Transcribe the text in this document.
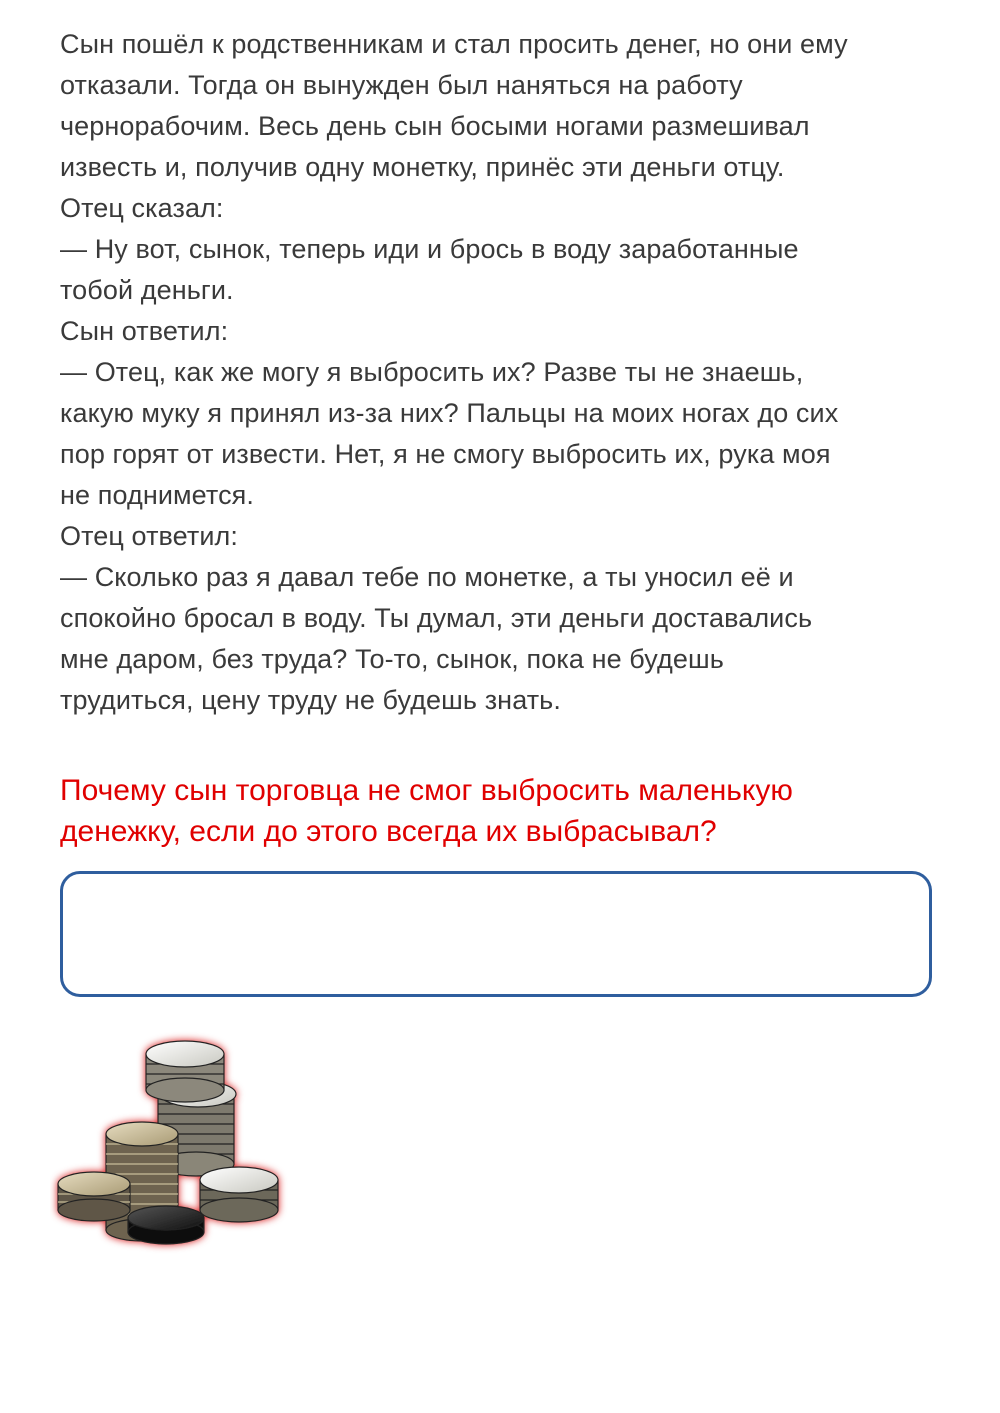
Сын пошёл к родственникам и стал просить денег, но они ему

отказали. Тогда он вынужден был наняться на работу

чернорабочим. Весь день сын босыми ногами размешивал

известь и, получив одну монетку, принёс эти деньги отцу.

Отец сказал:

— Ну вот, сынок, теперь иди и брось в воду заработанные

тобой деньги.

Сын ответил:

— Отец, как же могу я выбросить их? Разве ты не знаешь,

какую муку я принял из-за них? Пальцы на моих ногах до сих

пор горят от извести. Нет, я не смогу выбросить их, рука моя

не поднимется.

Отец ответил:

— Сколько раз я давал тебе по монетке, а ты уносил её и

спокойно бросал в воду. Ты думал, эти деньги доставались

мне даром, без труда? То-то, сынок, пока не будешь

трудиться, цену труду не будешь знать.

Почему сын торговца не смог выбросить маленькую
денежку, если до этого всегда их выбрасывал?
